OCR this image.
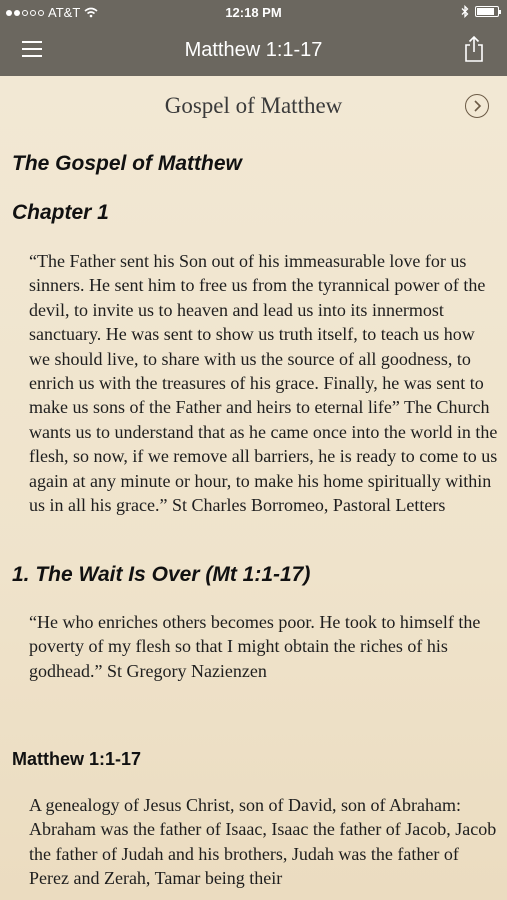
AT&T	12:18 PM
Matthew 1:1-17
Gospel of Matthew
The Gospel of Matthew
Chapter 1
“The Father sent his Son out of his immeasurable love for us sinners. He sent him to free us from the tyrannical power of the devil, to invite us to heaven and lead us into its innermost sanctuary. He was sent to show us truth itself, to teach us how we should live, to share with us the source of all goodness, to enrich us with the treasures of his grace. Finally, he was sent to make us sons of the Father and heirs to eternal life” The Church wants us to understand that as he came once into the world in the flesh, so now, if we remove all barriers, he is ready to come to us again at any minute or hour, to make his home spiritually within us in all his grace.” St Charles Borromeo, Pastoral Letters
1. The Wait Is Over (Mt 1:1-17)
“He who enriches others becomes poor. He took to himself the poverty of my flesh so that I might obtain the riches of his godhead.” St Gregory Nazienzen
Matthew 1:1-17
A genealogy of Jesus Christ, son of David, son of Abraham: Abraham was the father of Isaac, Isaac the father of Jacob, Jacob the father of Judah and his brothers, Judah was the father of Perez and Zerah, Tamar being their
